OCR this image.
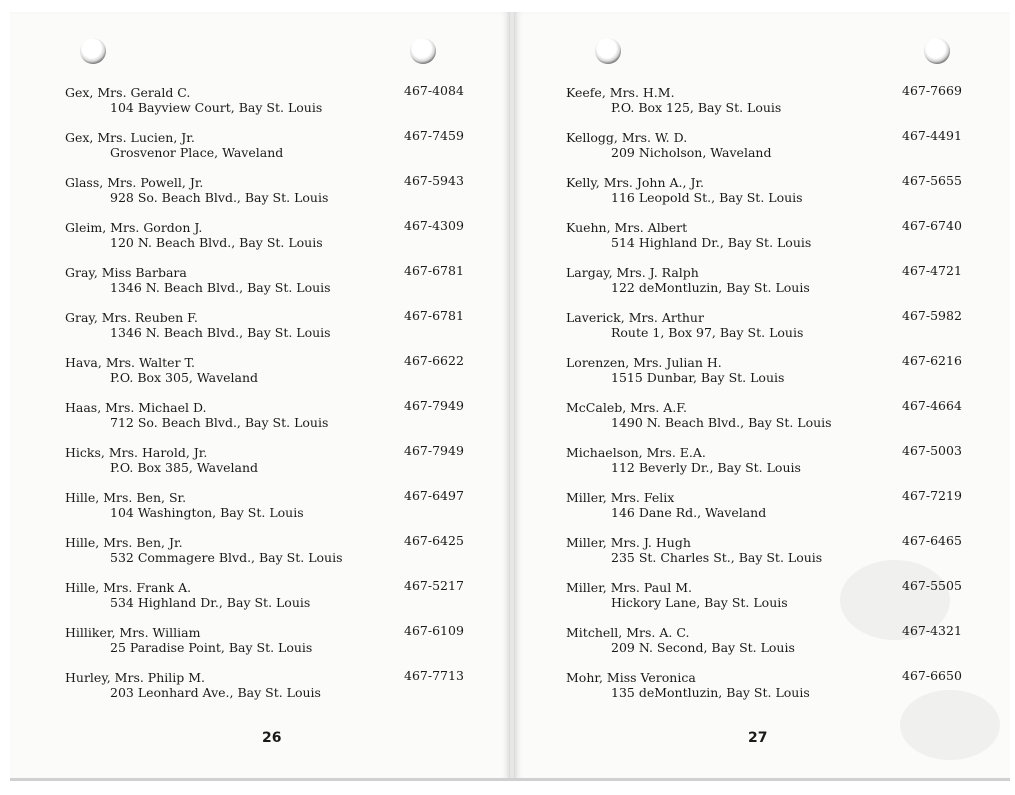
Gex, Mrs. Gerald C.
104 Bayview Court, Bay St. Louis
467-4084
Gex, Mrs. Lucien, Jr.
Grosvenor Place, Waveland
467-7459
Glass, Mrs. Powell, Jr.
928 So. Beach Blvd., Bay St. Louis
467-5943
Gleim, Mrs. Gordon J.
120 N. Beach Blvd., Bay St. Louis
467-4309
Gray, Miss Barbara
1346 N. Beach Blvd., Bay St. Louis
467-6781
Gray, Mrs. Reuben F.
1346 N. Beach Blvd., Bay St. Louis
467-6781
Hava, Mrs. Walter T.
P.O. Box 305, Waveland
467-6622
Haas, Mrs. Michael D.
712 So. Beach Blvd., Bay St. Louis
467-7949
Hicks, Mrs. Harold, Jr.
P.O. Box 385, Waveland
467-7949
Hille, Mrs. Ben, Sr.
104 Washington, Bay St. Louis
467-6497
Hille, Mrs. Ben, Jr.
532 Commagere Blvd., Bay St. Louis
467-6425
Hille, Mrs. Frank A.
534 Highland Dr., Bay St. Louis
467-5217
Hilliker, Mrs. William
25 Paradise Point, Bay St. Louis
467-6109
Hurley, Mrs. Philip M.
203 Leonhard Ave., Bay St. Louis
467-7713
Keefe, Mrs. H.M.
P.O. Box 125, Bay St. Louis
467-7669
Kellogg, Mrs. W. D.
209 Nicholson, Waveland
467-4491
Kelly, Mrs. John A., Jr.
116 Leopold St., Bay St. Louis
467-5655
Kuehn, Mrs. Albert
514 Highland Dr., Bay St. Louis
467-6740
Largay, Mrs. J. Ralph
122 deMontluzin, Bay St. Louis
467-4721
Laverick, Mrs. Arthur
Route 1, Box 97, Bay St. Louis
467-5982
Lorenzen, Mrs. Julian H.
1515 Dunbar, Bay St. Louis
467-6216
McCaleb, Mrs. A.F.
1490 N. Beach Blvd., Bay St. Louis
467-4664
Michaelson, Mrs. E.A.
112 Beverly Dr., Bay St. Louis
467-5003
Miller, Mrs. Felix
146 Dane Rd., Waveland
467-7219
Miller, Mrs. J. Hugh
235 St. Charles St., Bay St. Louis
467-6465
Miller, Mrs. Paul M.
Hickory Lane, Bay St. Louis
467-5505
Mitchell, Mrs. A. C.
209 N. Second, Bay St. Louis
467-4321
Mohr, Miss Veronica
135 deMontluzin, Bay St. Louis
467-6650
26	27
